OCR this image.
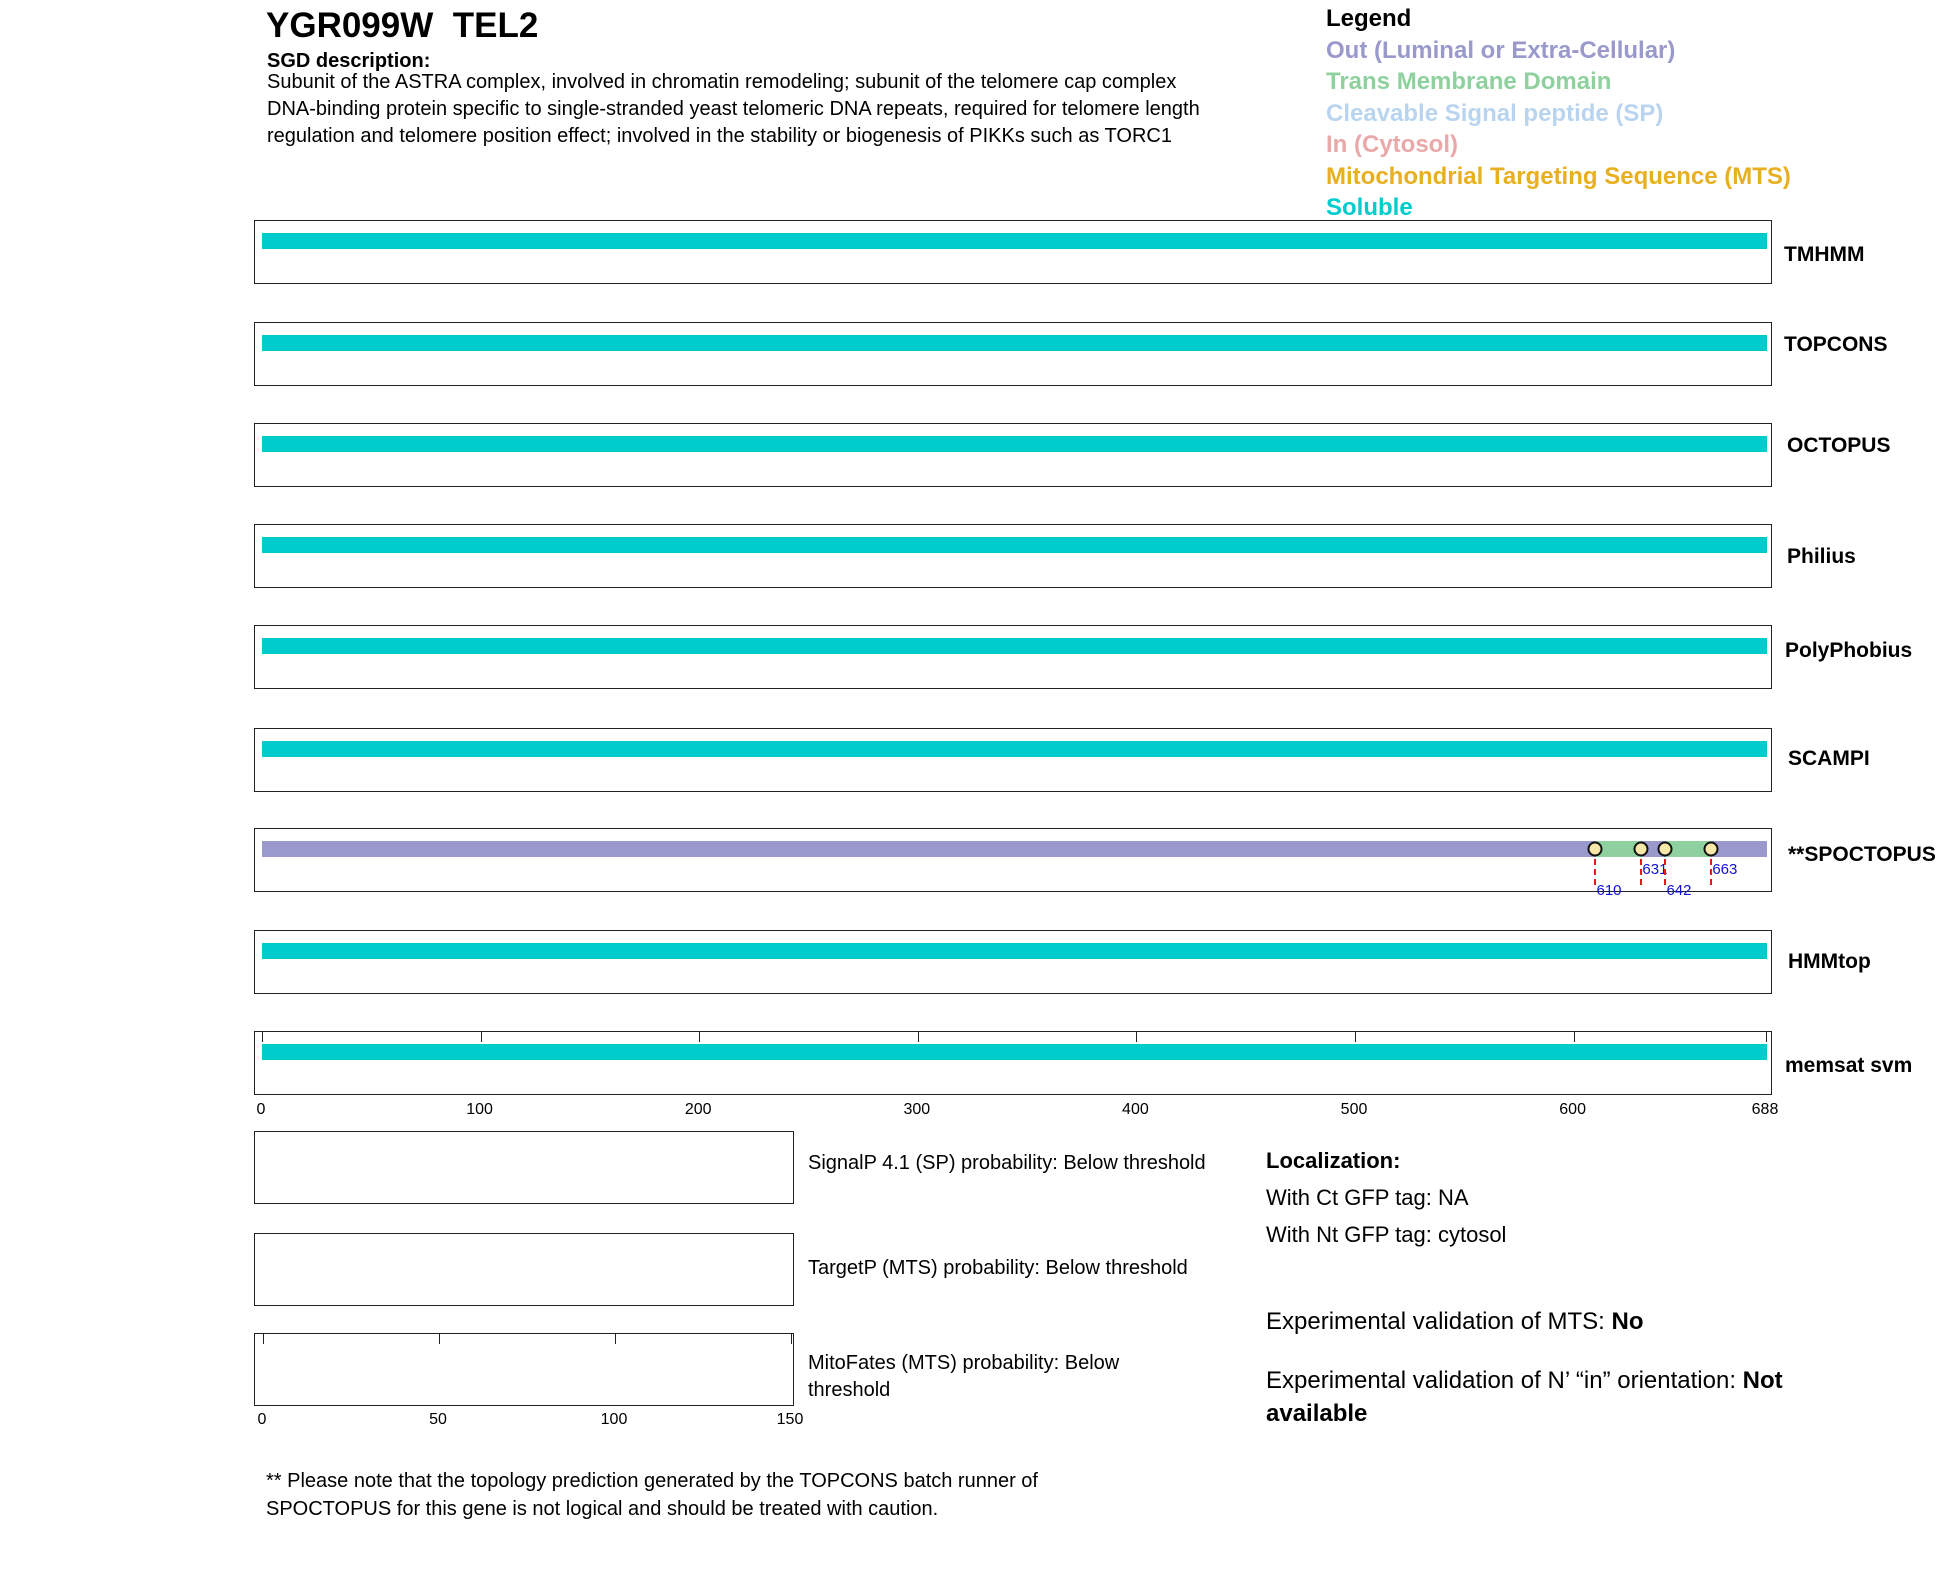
YGR099W  TEL2
SGD description:
Subunit of the ASTRA complex, involved in chromatin remodeling; subunit of the telomere cap complex
DNA-binding protein specific to single-stranded yeast telomeric DNA repeats, required for telomere length
regulation and telomere position effect; involved in the stability or biogenesis of PIKKs such as TORC1
Legend
Out (Luminal or Extra-Cellular)
Trans Membrane Domain
Cleavable Signal peptide (SP)
In (Cytosol)
Mitochondrial Targeting Sequence (MTS)
Soluble
TMHMM
TOPCONS
OCTOPUS
Philius
PolyPhobius
SCAMPI
610
631
642
663
**SPOCTOPUS
HMMtop
memsat svm
0	100	200	300	400	500	600	688
SignalP 4.1 (SP) probability: Below threshold
TargetP (MTS) probability: Below threshold
MitoFates (MTS) probability: Below threshold
0	50	100	150
Localization:
With Ct GFP tag: NA
With Nt GFP tag: cytosol
Experimental validation of MTS: No
Experimental validation of N’ “in” orientation: Not available
** Please note that the topology prediction generated by the TOPCONS batch runner of SPOCTOPUS for this gene is not logical and should be treated with caution.
